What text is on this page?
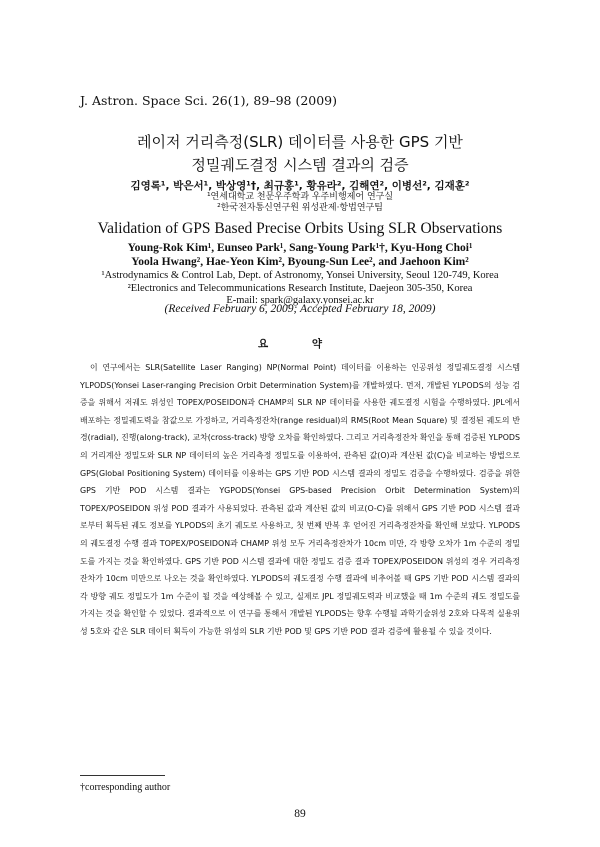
J. Astron. Space Sci. 26(1), 89–98 (2009)
레이저 거리측정(SLR) 데이터를 사용한 GPS 기반
정밀궤도결정 시스템 결과의 검증
김영록¹, 박은서¹, 박상영¹†, 최규홍¹, 황유라², 김해연², 이병선², 김재훈²
¹연세대학교 천문우주학과 우주비행제어 연구실
²한국전자통신연구원 위성관제·항법연구팀
Validation of GPS Based Precise Orbits Using SLR Observations
Young-Rok Kim¹, Eunseo Park¹, Sang-Young Park¹†, Kyu-Hong Choi¹
Yoola Hwang², Hae-Yeon Kim², Byoung-Sun Lee², and Jaehoon Kim²
¹Astrodynamics & Control Lab, Dept. of Astronomy, Yonsei University, Seoul 120-749, Korea
²Electronics and Telecommunications Research Institute, Daejeon 305-350, Korea
E-mail: spark@galaxy.yonsei.ac.kr
(Received February 6, 2009; Accepted February 18, 2009)
요 약

이 연구에서는 SLR(Satellite Laser Ranging) NP(Normal Point) 데이터를 이용하는 인공위성 정밀궤도결정 시스템 YLPODS(Yonsei Laser-ranging Precision Orbit Determination System)를 개발하였다. 먼저, 개발된 YLPODS의 성능 검증을 위해서 저궤도 위성인 TOPEX/POSEIDON과 CHAMP의 SLR NP 데이터를 사용한 궤도결정 시험을 수행하였다. JPL에서 배포하는 정밀궤도력을 참값으로 가정하고, 거리측정잔차(range residual)의 RMS(Root Mean Square) 및 결정된 궤도의 반경(radial), 진행(along-track), 교차(cross-track) 방향 오차를 확인하였다. 그리고 거리측정잔차 확인을 통해 검증된 YLPODS의 거리계산 정밀도와 SLR NP 데이터의 높은 거리측정 정밀도를 이용하여, 관측된 값(O)과 계산된 값(C)을 비교하는 방법으로 GPS(Global Positioning System) 데이터를 이용하는 GPS 기반 POD 시스템 결과의 정밀도 검증을 수행하였다. 검증을 위한 GPS 기반 POD 시스템 결과는 YGPODS(Yonsei GPS-based Precision Orbit Determination System)의 TOPEX/POSEIDON 위성 POD 결과가 사용되었다. 관측된 값과 계산된 값의 비교(O-C)를 위해서 GPS 기반 POD 시스템 결과로부터 획득된 궤도 정보를 YLPODS의 초기 궤도로 사용하고, 첫 번째 반복 후 얻어진 거리측정잔차를 확인해 보았다. YLPODS의 궤도결정 수행 결과 TOPEX/POSEIDON과 CHAMP 위성 모두 거리측정잔차가 10cm 미만, 각 방향 오차가 1m 수준의 정밀도를 가지는 것을 확인하였다. GPS 기반 POD 시스템 결과에 대한 정밀도 검증 결과 TOPEX/POSEIDON 위성의 경우 거리측정잔차가 10cm 미만으로 나오는 것을 확인하였다. YLPODS의 궤도결정 수행 결과에 비추어볼 때 GPS 기반 POD 시스템 결과의 각 방향 궤도 정밀도가 1m 수준이 될 것을 예상해볼 수 있고, 실제로 JPL 정밀궤도력과 비교했을 때 1m 수준의 궤도 정밀도를 가지는 것을 확인할 수 있었다. 결과적으로 이 연구를 통해서 개발된 YLPODS는 향후 수행될 과학기술위성 2호와 다목적 실용위성 5호와 같은 SLR 데이터 획득이 가능한 위성의 SLR 기반 POD 및 GPS 기반 POD 결과 검증에 활용될 수 있을 것이다.

†corresponding author
89
